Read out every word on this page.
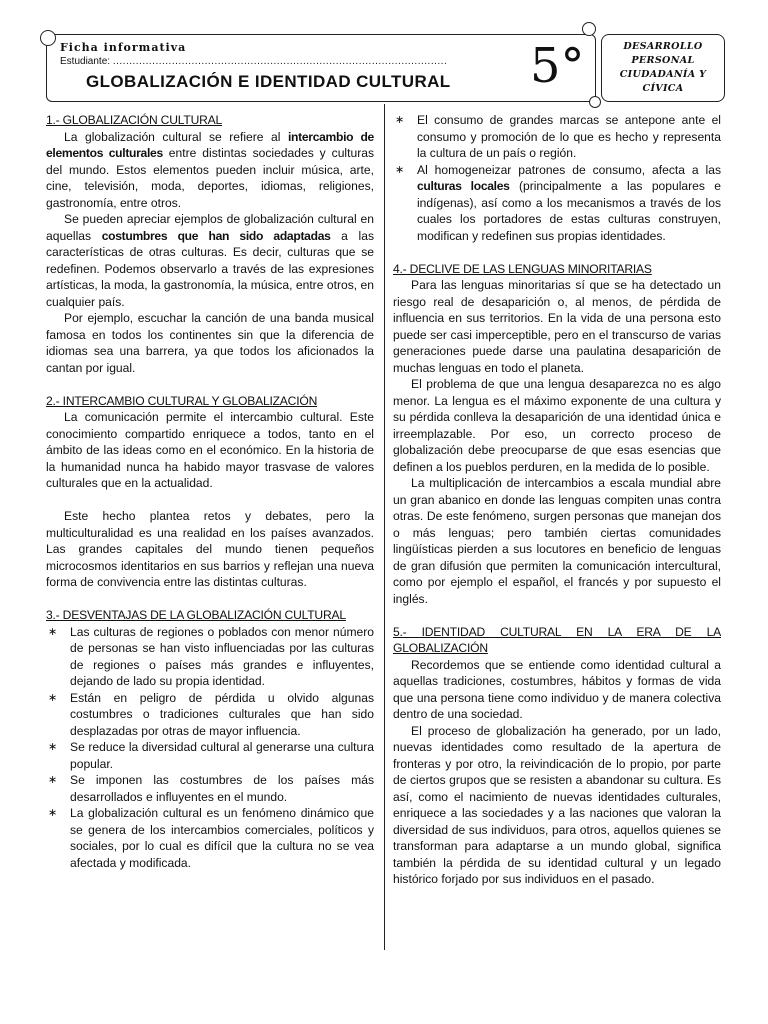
Ficha informativa
Estudiante: ......................................................................................................
GLOBALIZACIÓN E IDENTIDAD CULTURAL 5°	DESARROLLO
PERSONAL
CIUDADANÍA Y
CÍVICA
1.- GLOBALIZACIÓN CULTURAL

La globalización cultural se refiere al intercambio de elementos culturales entre distintas sociedades y culturas del mundo. Estos elementos pueden incluir música, arte, cine, televisión, moda, deportes, idiomas, religiones, gastronomía, entre otros.

Se pueden apreciar ejemplos de globalización cultural en aquellas costumbres que han sido adaptadas a las características de otras culturas. Es decir, culturas que se redefinen. Podemos observarlo a través de las expresiones artísticas, la moda, la gastronomía, la música, entre otros, en cualquier país.

Por ejemplo, escuchar la canción de una banda musical famosa en todos los continentes sin que la diferencia de idiomas sea una barrera, ya que todos los aficionados la cantan por igual.

2.- INTERCAMBIO CULTURAL Y GLOBALIZACIÓN

La comunicación permite el intercambio cultural. Este conocimiento compartido enriquece a todos, tanto en el ámbito de las ideas como en el económico. En la historia de la humanidad nunca ha habido mayor trasvase de valores culturales que en la actualidad.

Este hecho plantea retos y debates, pero la multiculturalidad es una realidad en los países avanzados. Las grandes capitales del mundo tienen pequeños microcosmos identitarios en sus barrios y reflejan una nueva forma de convivencia entre las distintas culturas.

3.- DESVENTAJAS DE LA GLOBALIZACIÓN CULTURAL
∗ Las culturas de regiones o poblados con menor número de personas se han visto influenciadas por las culturas de regiones o países más grandes e influyentes, dejando de lado su propia identidad.
∗ Están en peligro de pérdida u olvido algunas costumbres o tradiciones culturales que han sido desplazadas por otras de mayor influencia.
∗ Se reduce la diversidad cultural al generarse una cultura popular.
∗ Se imponen las costumbres de los países más desarrollados e influyentes en el mundo.
∗ La globalización cultural es un fenómeno dinámico que se genera de los intercambios comerciales, políticos y sociales, por lo cual es difícil que la cultura no se vea afectada y modificada.
∗ El consumo de grandes marcas se antepone ante el consumo y promoción de lo que es hecho y representa la cultura de un país o región.
∗ Al homogeneizar patrones de consumo, afecta a las culturas locales (principalmente a las populares e indígenas), así como a los mecanismos a través de los cuales los portadores de estas culturas construyen, modifican y redefinen sus propias identidades.
4.- DECLIVE DE LAS LENGUAS MINORITARIAS

Para las lenguas minoritarias sí que se ha detectado un riesgo real de desaparición o, al menos, de pérdida de influencia en sus territorios. En la vida de una persona esto puede ser casi imperceptible, pero en el transcurso de varias generaciones puede darse una paulatina desaparición de muchas lenguas en todo el planeta.

El problema de que una lengua desaparezca no es algo menor. La lengua es el máximo exponente de una cultura y su pérdida conlleva la desaparición de una identidad única e irreemplazable. Por eso, un correcto proceso de globalización debe preocuparse de que esas esencias que definen a los pueblos perduren, en la medida de lo posible.

La multiplicación de intercambios a escala mundial abre un gran abanico en donde las lenguas compiten unas contra otras. De este fenómeno, surgen personas que manejan dos o más lenguas; pero también ciertas comunidades lingüísticas pierden a sus locutores en beneficio de lenguas de gran difusión que permiten la comunicación intercultural, como por ejemplo el español, el francés y por supuesto el inglés.

5.- IDENTIDAD CULTURAL EN LA ERA DE LA GLOBALIZACIÓN

Recordemos que se entiende como identidad cultural a aquellas tradiciones, costumbres, hábitos y formas de vida que una persona tiene como individuo y de manera colectiva dentro de una sociedad.

El proceso de globalización ha generado, por un lado, nuevas identidades como resultado de la apertura de fronteras y por otro, la reivindicación de lo propio, por parte de ciertos grupos que se resisten a abandonar su cultura. Es así, como el nacimiento de nuevas identidades culturales, enriquece a las sociedades y a las naciones que valoran la diversidad de sus individuos, para otros, aquellos quienes se transforman para adaptarse a un mundo global, significa también la pérdida de su identidad cultural y un legado histórico forjado por sus individuos en el pasado.
